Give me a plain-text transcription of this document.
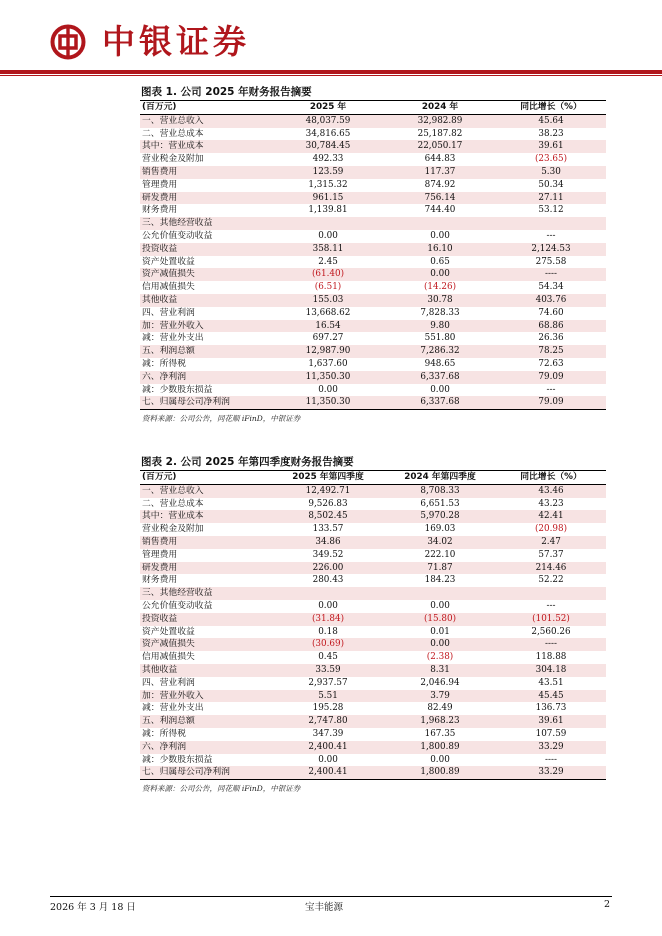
中银证券
图表 1. 公司 2025 年财务报告摘要
(百万元)	2025 年	2024 年	同比增长（%）
一、营业总收入	48,037.59	32,982.89	45.64
二、营业总成本	34,816.65	25,187.82	38.23
其中：营业成本	30,784.45	22,050.17	39.61
营业税金及附加	492.33	644.83	(23.65)
销售费用	123.59	117.37	5.30
管理费用	1,315.32	874.92	50.34
研发费用	961.15	756.14	27.11
财务费用	1,139.81	744.40	53.12
三、其他经营收益			
公允价值变动收益	0.00	0.00	---
投资收益	358.11	16.10	2,124.53
资产处置收益	2.45	0.65	275.58
资产减值损失	(61.40)	0.00	----
信用减值损失	(6.51)	(14.26)	54.34
其他收益	155.03	30.78	403.76
四、营业利润	13,668.62	7,828.33	74.60
加：营业外收入	16.54	9.80	68.86
减：营业外支出	697.27	551.80	26.36
五、利润总额	12,987.90	7,286.32	78.25
减：所得税	1,637.60	948.65	72.63
六、净利润	11,350.30	6,337.68	79.09
减：少数股东损益	0.00	0.00	---
七、归属母公司净利润	11,350.30	6,337.68	79.09
资料来源：公司公告，同花顺 iFinD，中银证券
图表 2. 公司 2025 年第四季度财务报告摘要
(百万元)	2025 年第四季度	2024 年第四季度	同比增长（%）
一、营业总收入	12,492.71	8,708.33	43.46
二、营业总成本	9,526.83	6,651.53	43.23
其中：营业成本	8,502.45	5,970.28	42.41
营业税金及附加	133.57	169.03	(20.98)
销售费用	34.86	34.02	2.47
管理费用	349.52	222.10	57.37
研发费用	226.00	71.87	214.46
财务费用	280.43	184.23	52.22
三、其他经营收益			
公允价值变动收益	0.00	0.00	---
投资收益	(31.84)	(15.80)	(101.52)
资产处置收益	0.18	0.01	2,560.26
资产减值损失	(30.69)	0.00	----
信用减值损失	0.45	(2.38)	118.88
其他收益	33.59	8.31	304.18
四、营业利润	2,937.57	2,046.94	43.51
加：营业外收入	5.51	3.79	45.45
减：营业外支出	195.28	82.49	136.73
五、利润总额	2,747.80	1,968.23	39.61
减：所得税	347.39	167.35	107.59
六、净利润	2,400.41	1,800.89	33.29
减：少数股东损益	0.00	0.00	----
七、归属母公司净利润	2,400.41	1,800.89	33.29
资料来源：公司公告，同花顺 iFinD，中银证券
2026 年 3 月 18 日	宝丰能源	2
